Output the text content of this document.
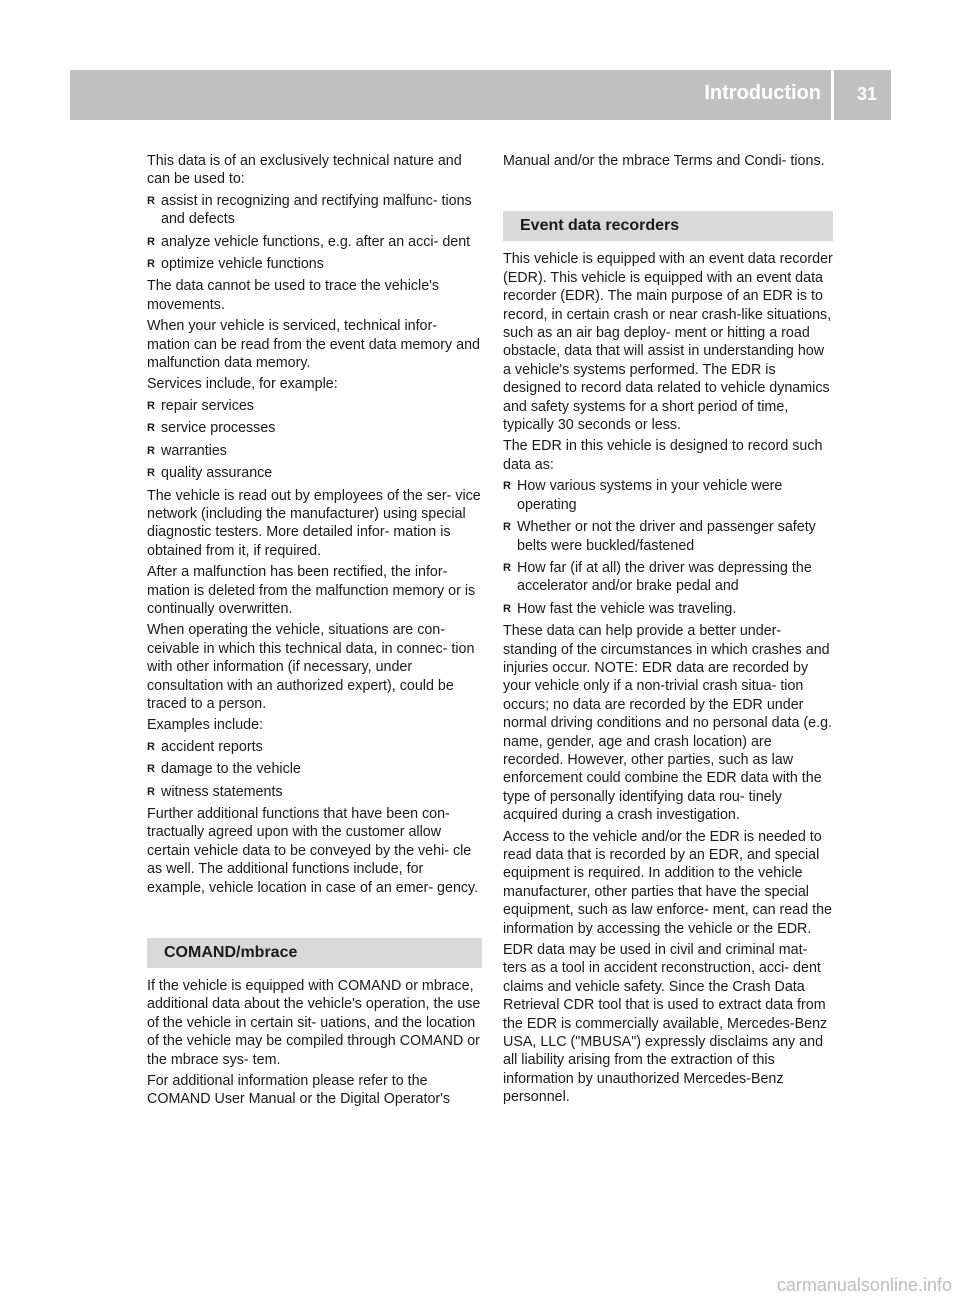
Introduction 31

This data is of an exclusively technical nature and can be used to:

R assist in recognizing and rectifying malfunc- tions and defects
R analyze vehicle functions, e.g. after an acci- dent
R optimize vehicle functions

The data cannot be used to trace the vehicle's movements.

When your vehicle is serviced, technical infor- mation can be read from the event data memory and malfunction data memory.

Services include, for example:

R repair services
R service processes
R warranties
R quality assurance

The vehicle is read out by employees of the ser- vice network (including the manufacturer) using special diagnostic testers. More detailed infor- mation is obtained from it, if required.

After a malfunction has been rectified, the infor- mation is deleted from the malfunction memory or is continually overwritten.

When operating the vehicle, situations are con- ceivable in which this technical data, in connec- tion with other information (if necessary, under consultation with an authorized expert), could be traced to a person.

Examples include:

R accident reports
R damage to the vehicle
R witness statements

Further additional functions that have been con- tractually agreed upon with the customer allow certain vehicle data to be conveyed by the vehi- cle as well. The additional functions include, for example, vehicle location in case of an emer- gency.

COMAND/mbrace

If the vehicle is equipped with COMAND or mbrace, additional data about the vehicle's operation, the use of the vehicle in certain sit- uations, and the location of the vehicle may be compiled through COMAND or the mbrace sys- tem.

For additional information please refer to the COMAND User Manual or the Digital Operator's

Manual and/or the mbrace Terms and Condi- tions.

Event data recorders

This vehicle is equipped with an event data recorder (EDR). This vehicle is equipped with an event data recorder (EDR). The main purpose of an EDR is to record, in certain crash or near crash-like situations, such as an air bag deploy- ment or hitting a road obstacle, data that will assist in understanding how a vehicle's systems performed. The EDR is designed to record data related to vehicle dynamics and safety systems for a short period of time, typically 30 seconds or less.

The EDR in this vehicle is designed to record such data as:

R How various systems in your vehicle were operating
R Whether or not the driver and passenger safety belts were buckled/fastened
R How far (if at all) the driver was depressing the accelerator and/or brake pedal and
R How fast the vehicle was traveling.

These data can help provide a better under- standing of the circumstances in which crashes and injuries occur. NOTE: EDR data are recorded by your vehicle only if a non-trivial crash situa- tion occurs; no data are recorded by the EDR under normal driving conditions and no personal data (e.g. name, gender, age and crash location) are recorded. However, other parties, such as law enforcement could combine the EDR data with the type of personally identifying data rou- tinely acquired during a crash investigation.

Access to the vehicle and/or the EDR is needed to read data that is recorded by an EDR, and special equipment is required. In addition to the vehicle manufacturer, other parties that have the special equipment, such as law enforce- ment, can read the information by accessing the vehicle or the EDR.

EDR data may be used in civil and criminal mat- ters as a tool in accident reconstruction, acci- dent claims and vehicle safety. Since the Crash Data Retrieval CDR tool that is used to extract data from the EDR is commercially available, Mercedes-Benz USA, LLC ("MBUSA") expressly disclaims any and all liability arising from the extraction of this information by unauthorized Mercedes-Benz personnel.

carmanualsonline.info
